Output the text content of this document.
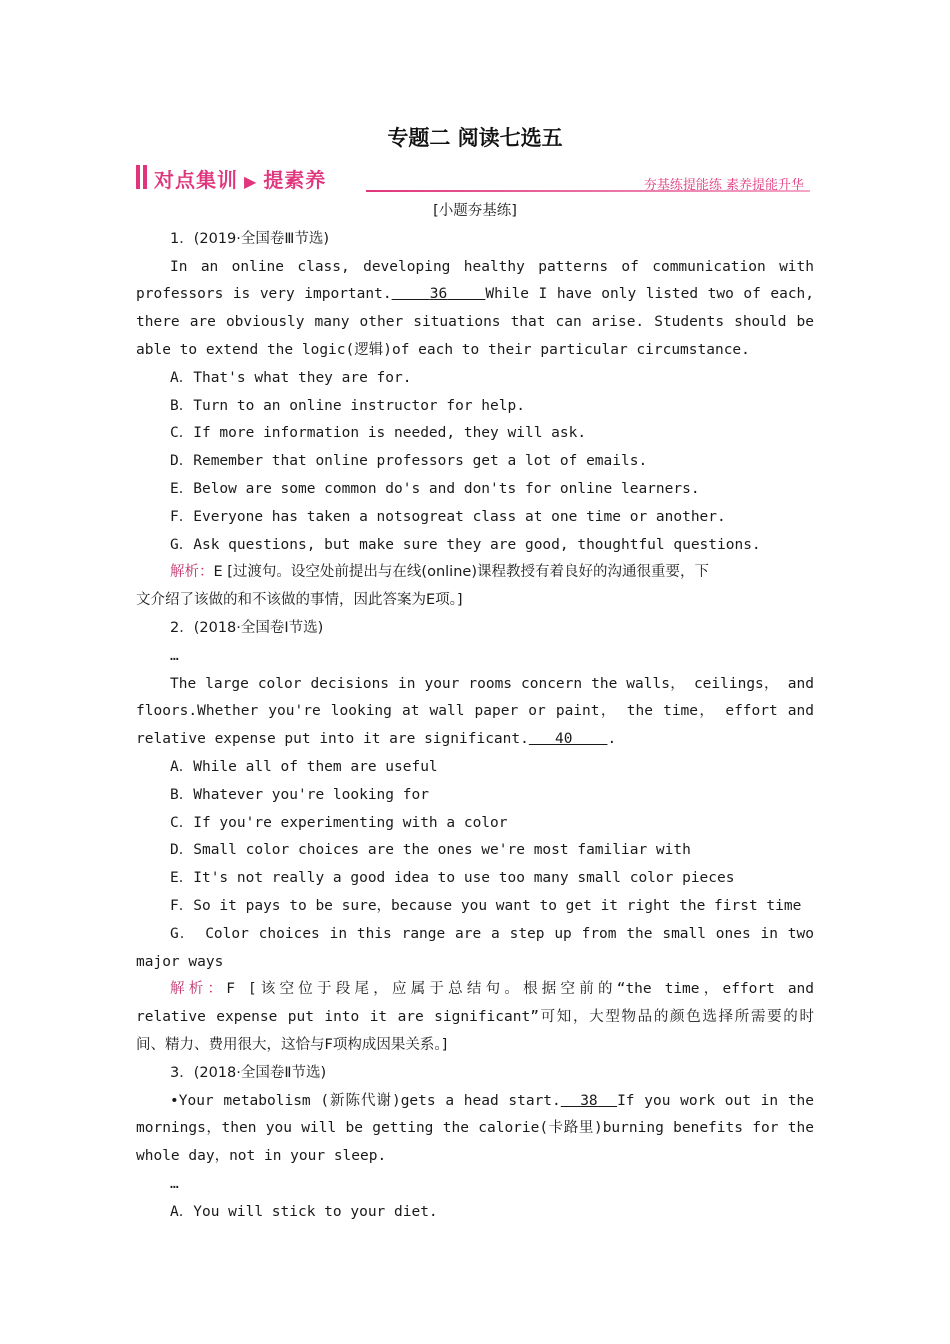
专题二 阅读七选五
对点集训 ▶ 提素养	夯基练提能练 素养提能升华

[小题夯基练]

1．(2019·全国卷Ⅲ节选)

In an online class, developing healthy patterns of communication with

professors is very important.	36	While I have only listed two of each,

there are obviously many other situations that can arise. Students should be

able to extend the logic(逻辑)of each to their particular circumstance.

A．That's what they are for.

B．Turn to an online instructor for help.

C．If more information is needed, they will ask.

D．Remember that online professors get a lot of emails.

E．Below are some common do's and don'ts for online learners.

F．Everyone has taken a notsogreat class at one time or another.

G．Ask questions, but make sure they are good, thoughtful questions.

解析：E [过渡句。设空处前提出与在线(online)课程教授有着良好的沟通很重要，下

文介绍了该做的和不该做的事情，因此答案为E项。]

2．(2018·全国卷Ⅰ节选)

…

The large color decisions in your rooms concern the walls， ceilings， and

floors.Whether you're looking at wall paper or paint， the time， effort and

relative expense put into it are significant. 40 .

A．While all of them are useful

B．Whatever you're looking for

C．If you're experimenting with a color

D．Small color choices are the ones we're most familiar with

E．It's not really a good idea to use too many small color pieces

F．So it pays to be sure，because you want to get it right the first time

G． Color choices in this range are a step up from the small ones in two

major ways

解析：F [该空位于段尾，应属于总结句。根据空前的“the time，effort and

relative expense put into it are significant”可知，大型物品的颜色选择所需要的时

间、精力、费用很大，这恰与F项构成因果关系。]

3．(2018·全国卷Ⅱ节选)

•Your metabolism (新陈代谢)gets a head start. 38 If you work out in the

mornings，then you will be getting the calorie(卡路里)burning benefits for the

whole day，not in your sleep.

…

A．You will stick to your diet.
